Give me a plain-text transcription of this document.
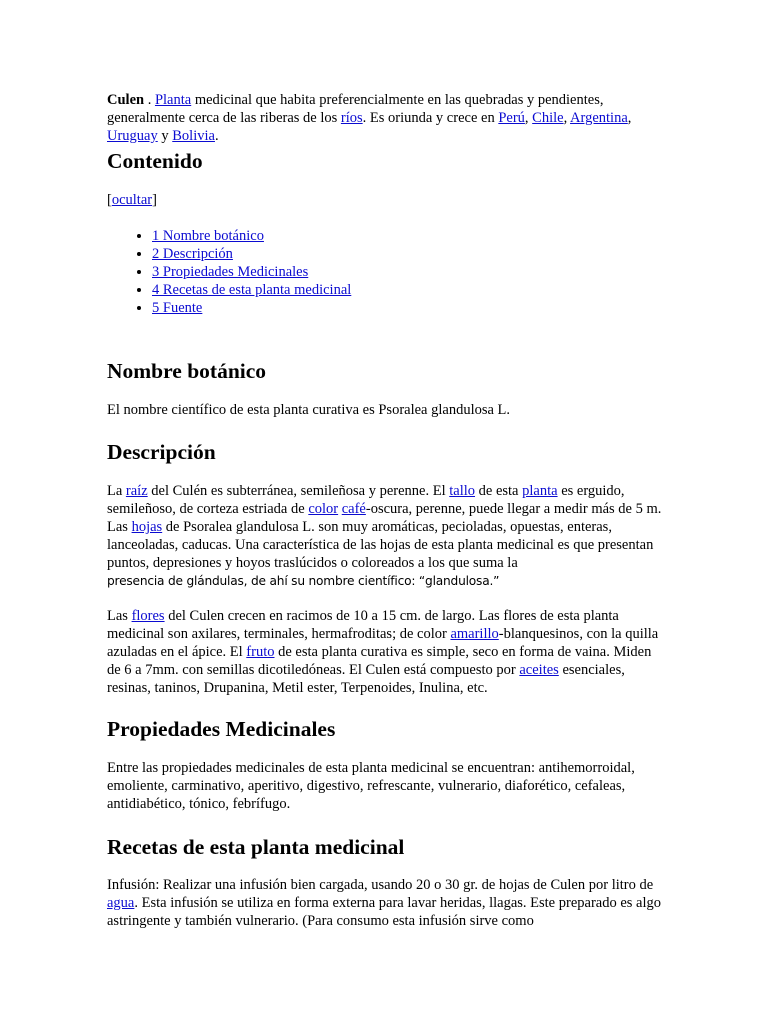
Culen . Planta medicinal que habita preferencialmente en las quebradas y pendientes, generalmente cerca de las riberas de los ríos. Es oriunda y crece en Perú, Chile, Argentina,
Uruguay y Bolivia.
Contenido
[ocultar]
• 1 Nombre botánico
• 2 Descripción
• 3 Propiedades Medicinales
• 4 Recetas de esta planta medicinal
• 5 Fuente
Nombre botánico
El nombre científico de esta planta curativa es Psoralea glandulosa L.
Descripción
La raíz del Culén es subterránea, semileñosa y perenne. El tallo de esta planta es erguido, semileñoso, de corteza estriada de color café-oscura, perenne, puede llegar a medir más de 5 m. Las hojas de Psoralea glandulosa L. son muy aromáticas, pecioladas, opuestas, enteras, lanceoladas, caducas. Una característica de las hojas de esta planta medicinal es que presentan puntos, depresiones y hoyos traslúcidos o coloreados a los que suma la
presencia de glándulas, de ahí su nombre científico: “glandulosa.”
Las flores del Culen crecen en racimos de 10 a 15 cm. de largo. Las flores de esta planta medicinal son axilares, terminales, hermafroditas; de color amarillo-blanquesinos, con la quilla azuladas en el ápice. El fruto de esta planta curativa es simple, seco en forma de vaina. Miden de 6 a 7mm. con semillas dicotiledóneas. El Culen está compuesto por aceites esenciales, resinas, taninos, Drupanina, Metil ester, Terpenoides, Inulina, etc.
Propiedades Medicinales
Entre las propiedades medicinales de esta planta medicinal se encuentran: antihemorroidal, emoliente, carminativo, aperitivo, digestivo, refrescante, vulnerario, diaforético, cefaleas, antidiabético, tónico, febrífugo.
Recetas de esta planta medicinal
Infusión: Realizar una infusión bien cargada, usando 20 o 30 gr. de hojas de Culen por litro de agua. Esta infusión se utiliza en forma externa para lavar heridas, llagas. Este preparado es algo astringente y también vulnerario. (Para consumo esta infusión sirve como
